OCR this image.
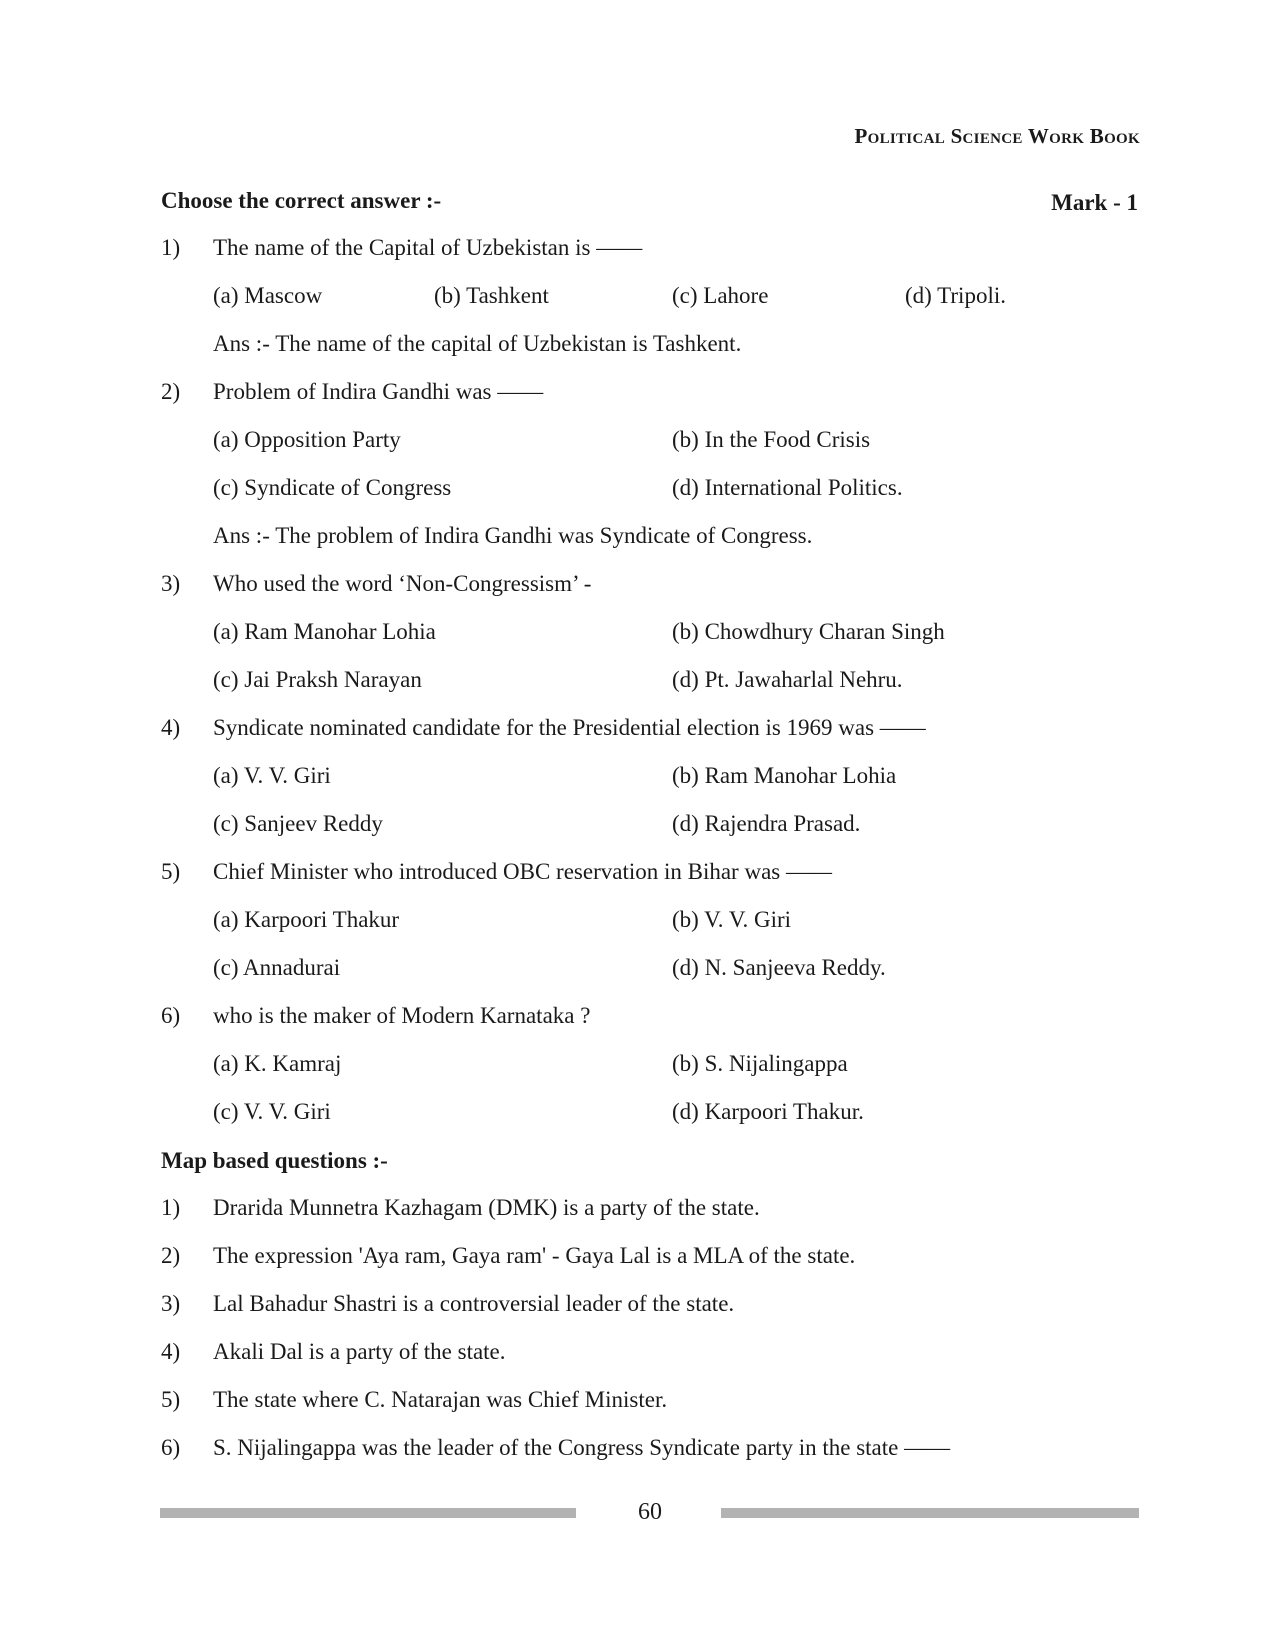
Political Science Work Book
Choose the correct answer :-	Mark - 1
1) The name of the Capital of Uzbekistan is ——
(a) Mascow	(b) Tashkent	(c) Lahore	(d) Tripoli.
Ans :- The name of the capital of Uzbekistan is Tashkent.
2) Problem of Indira Gandhi was ——
(a) Opposition Party	(b) In the Food Crisis
(c) Syndicate of Congress	(d) International Politics.
Ans :- The problem of Indira Gandhi was Syndicate of Congress.
3) Who used the word ‘Non-Congressism’ -
(a) Ram Manohar Lohia	(b) Chowdhury Charan Singh
(c) Jai Praksh Narayan	(d) Pt. Jawaharlal Nehru.
4) Syndicate nominated candidate for the Presidential election is 1969 was ——
(a) V. V. Giri	(b) Ram Manohar Lohia
(c) Sanjeev Reddy	(d) Rajendra Prasad.
5) Chief Minister who introduced OBC reservation in Bihar was ——
(a) Karpoori Thakur	(b) V. V. Giri
(c) Annadurai	(d) N. Sanjeeva Reddy.
6) who is the maker of Modern Karnataka ?
(a) K. Kamraj	(b) S. Nijalingappa
(c) V. V. Giri	(d) Karpoori Thakur.
Map based questions :-
1) Drarida Munnetra Kazhagam (DMK) is a party of the state.
2) The expression 'Aya ram, Gaya ram' - Gaya Lal is a MLA of the state.
3) Lal Bahadur Shastri is a controversial leader of the state.
4) Akali Dal is a party of the state.
5) The state where C. Natarajan was Chief Minister.
6) S. Nijalingappa was the leader of the Congress Syndicate party in the state ——
60
